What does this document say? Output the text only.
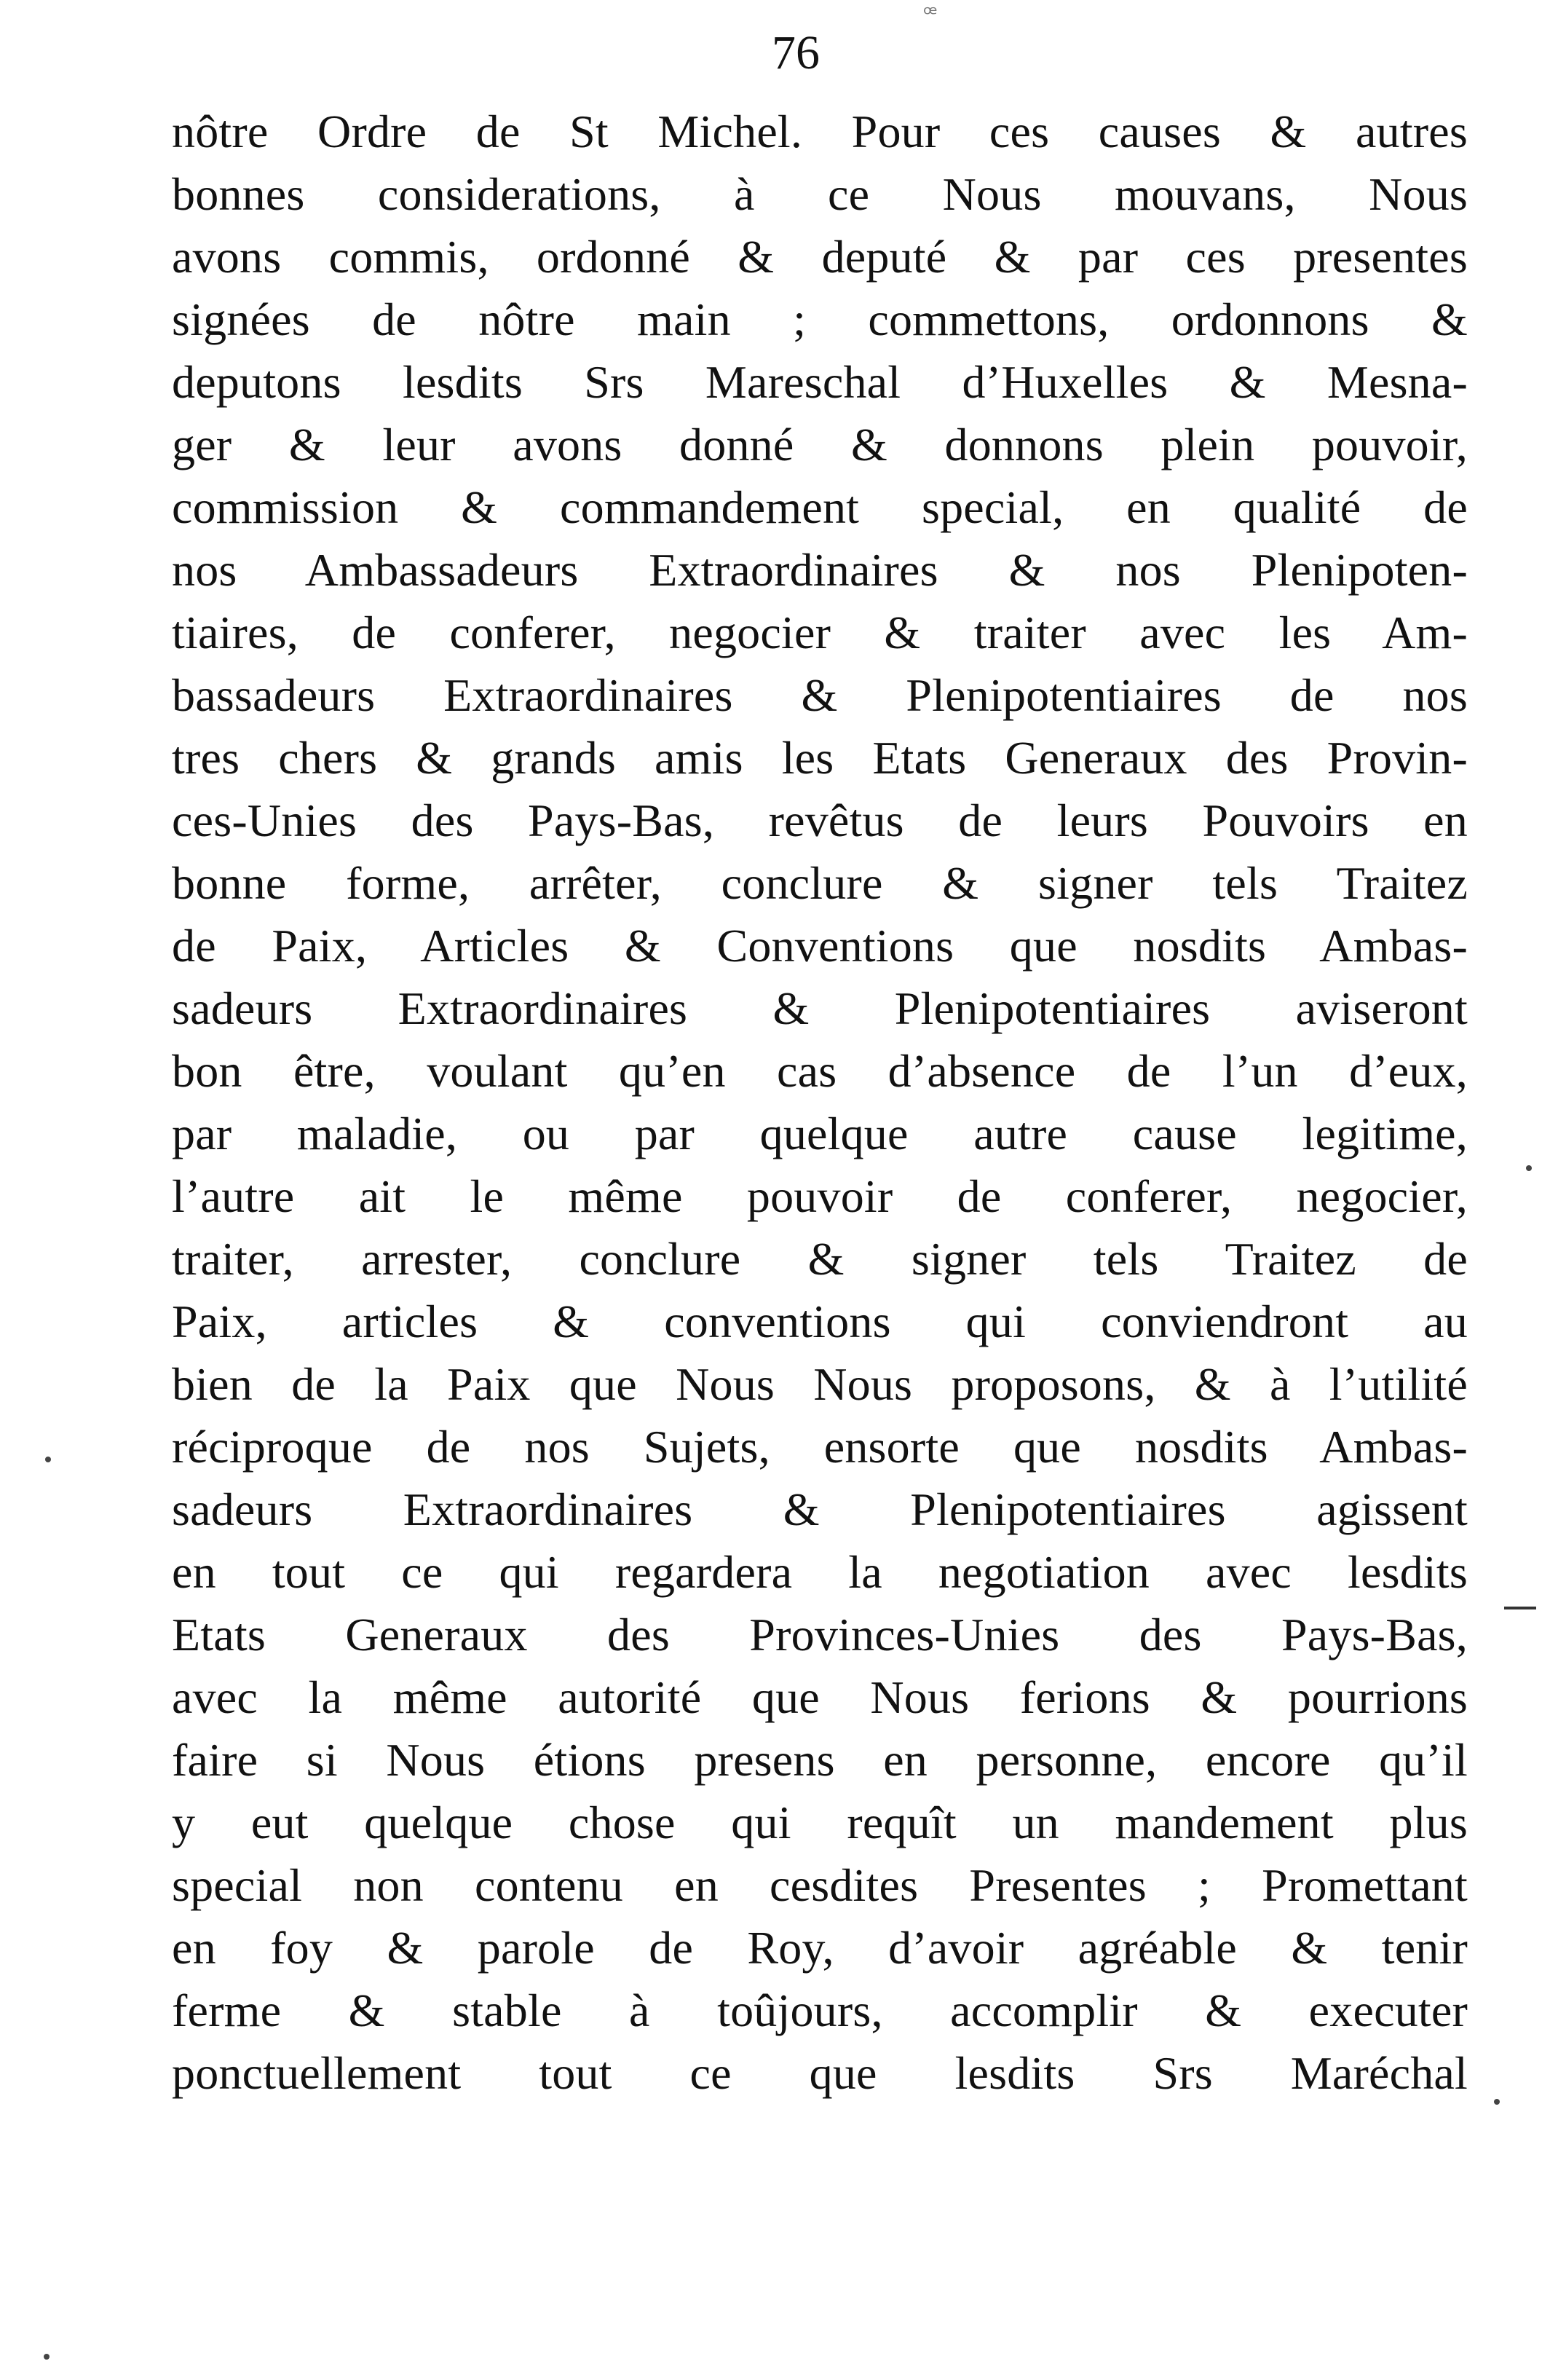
ꟹ
76
nôtre Ordre de St Michel. Pour ces causes & autres
bonnes considerations, à ce Nous mouvans, Nous
avons commis, ordonné & deputé & par ces presentes
signées de nôtre main ; commettons, ordonnons &
deputons lesdits Srs Mareschal d’Huxelles & Mesna-
ger & leur avons donné & donnons plein pouvoir,
commission & commandement special, en qualité de
nos Ambassadeurs Extraordinaires & nos Plenipoten-
tiaires, de conferer, negocier & traiter avec les Am-
bassadeurs Extraordinaires & Plenipotentiaires de nos
tres chers & grands amis les Etats Generaux des Provin-
ces-Unies des Pays-Bas, revêtus de leurs Pouvoirs en
bonne forme, arrêter, conclure & signer tels Traitez
de Paix, Articles & Conventions que nosdits Ambas-
sadeurs Extraordinaires & Plenipotentiaires aviseront
bon être, voulant qu’en cas d’absence de l’un d’eux,
par maladie, ou par quelque autre cause legitime,
l’autre ait le même pouvoir de conferer, negocier,
traiter, arrester, conclure & signer tels Traitez de
Paix, articles & conventions qui conviendront au
bien de la Paix que Nous Nous proposons, & à l’utilité
réciproque de nos Sujets, ensorte que nosdits Ambas-
sadeurs Extraordinaires & Plenipotentiaires agissent
en tout ce qui regardera la negotiation avec lesdits
Etats Generaux des Provinces-Unies des Pays-Bas,
avec la même autorité que Nous ferions & pourrions
faire si Nous étions presens en personne, encore qu’il
y eut quelque chose qui requît un mandement plus
special non contenu en cesdites Presentes ; Promettant
en foy & parole de Roy, d’avoir agréable & tenir
ferme & stable à toûjours, accomplir & executer
ponctuellement tout ce que lesdits Srs Maréchal
